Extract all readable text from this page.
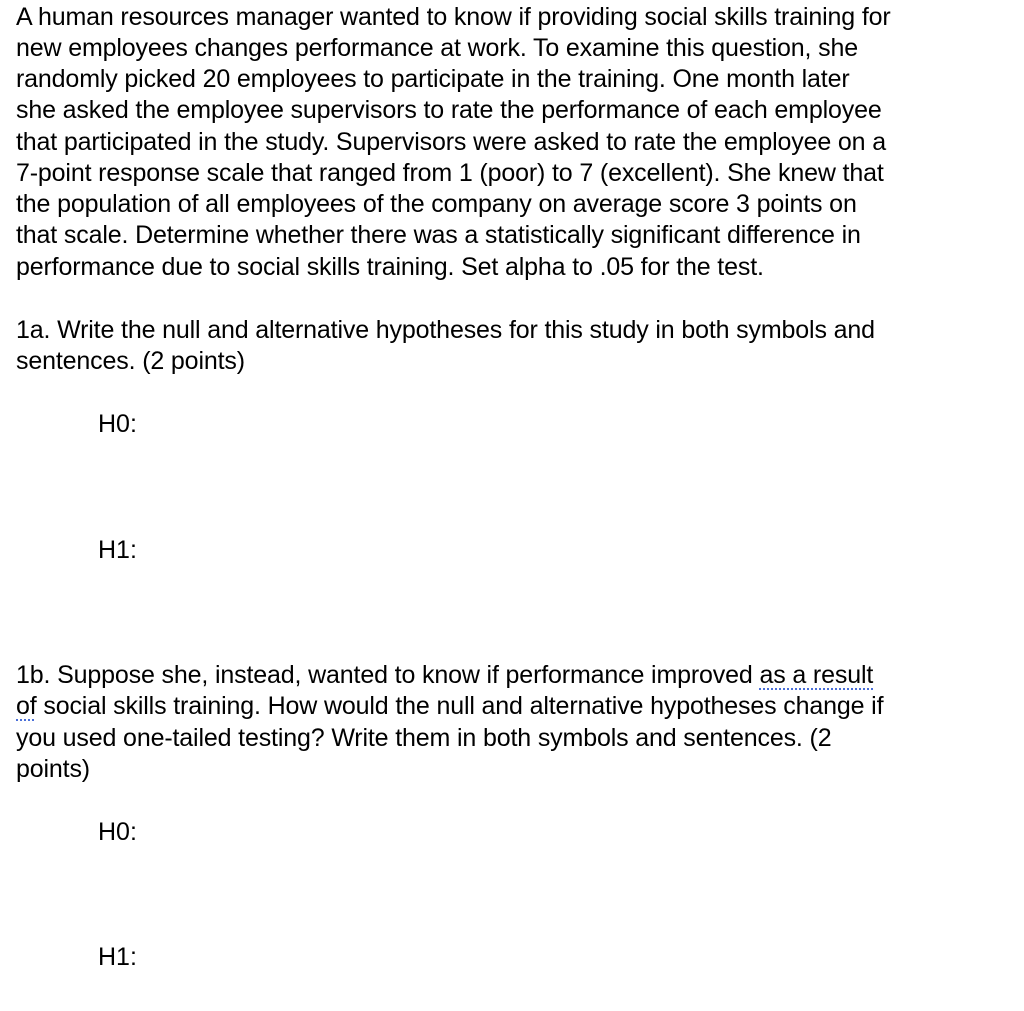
A human resources manager wanted to know if providing social skills training for
new employees changes performance at work. To examine this question, she
randomly picked 20 employees to participate in the training. One month later
she asked the employee supervisors to rate the performance of each employee
that participated in the study. Supervisors were asked to rate the employee on a
7-point response scale that ranged from 1 (poor) to 7 (excellent). She knew that
the population of all employees of the company on average score 3 points on
that scale. Determine whether there was a statistically significant difference in
performance due to social skills training. Set alpha to .05 for the test.
1a. Write the null and alternative hypotheses for this study in both symbols and
sentences. (2 points)
H0:
H1:
1b. Suppose she, instead, wanted to know if performance improved as a result
of social skills training. How would the null and alternative hypotheses change if
you used one-tailed testing? Write them in both symbols and sentences. (2
points)
H0:
H1:
